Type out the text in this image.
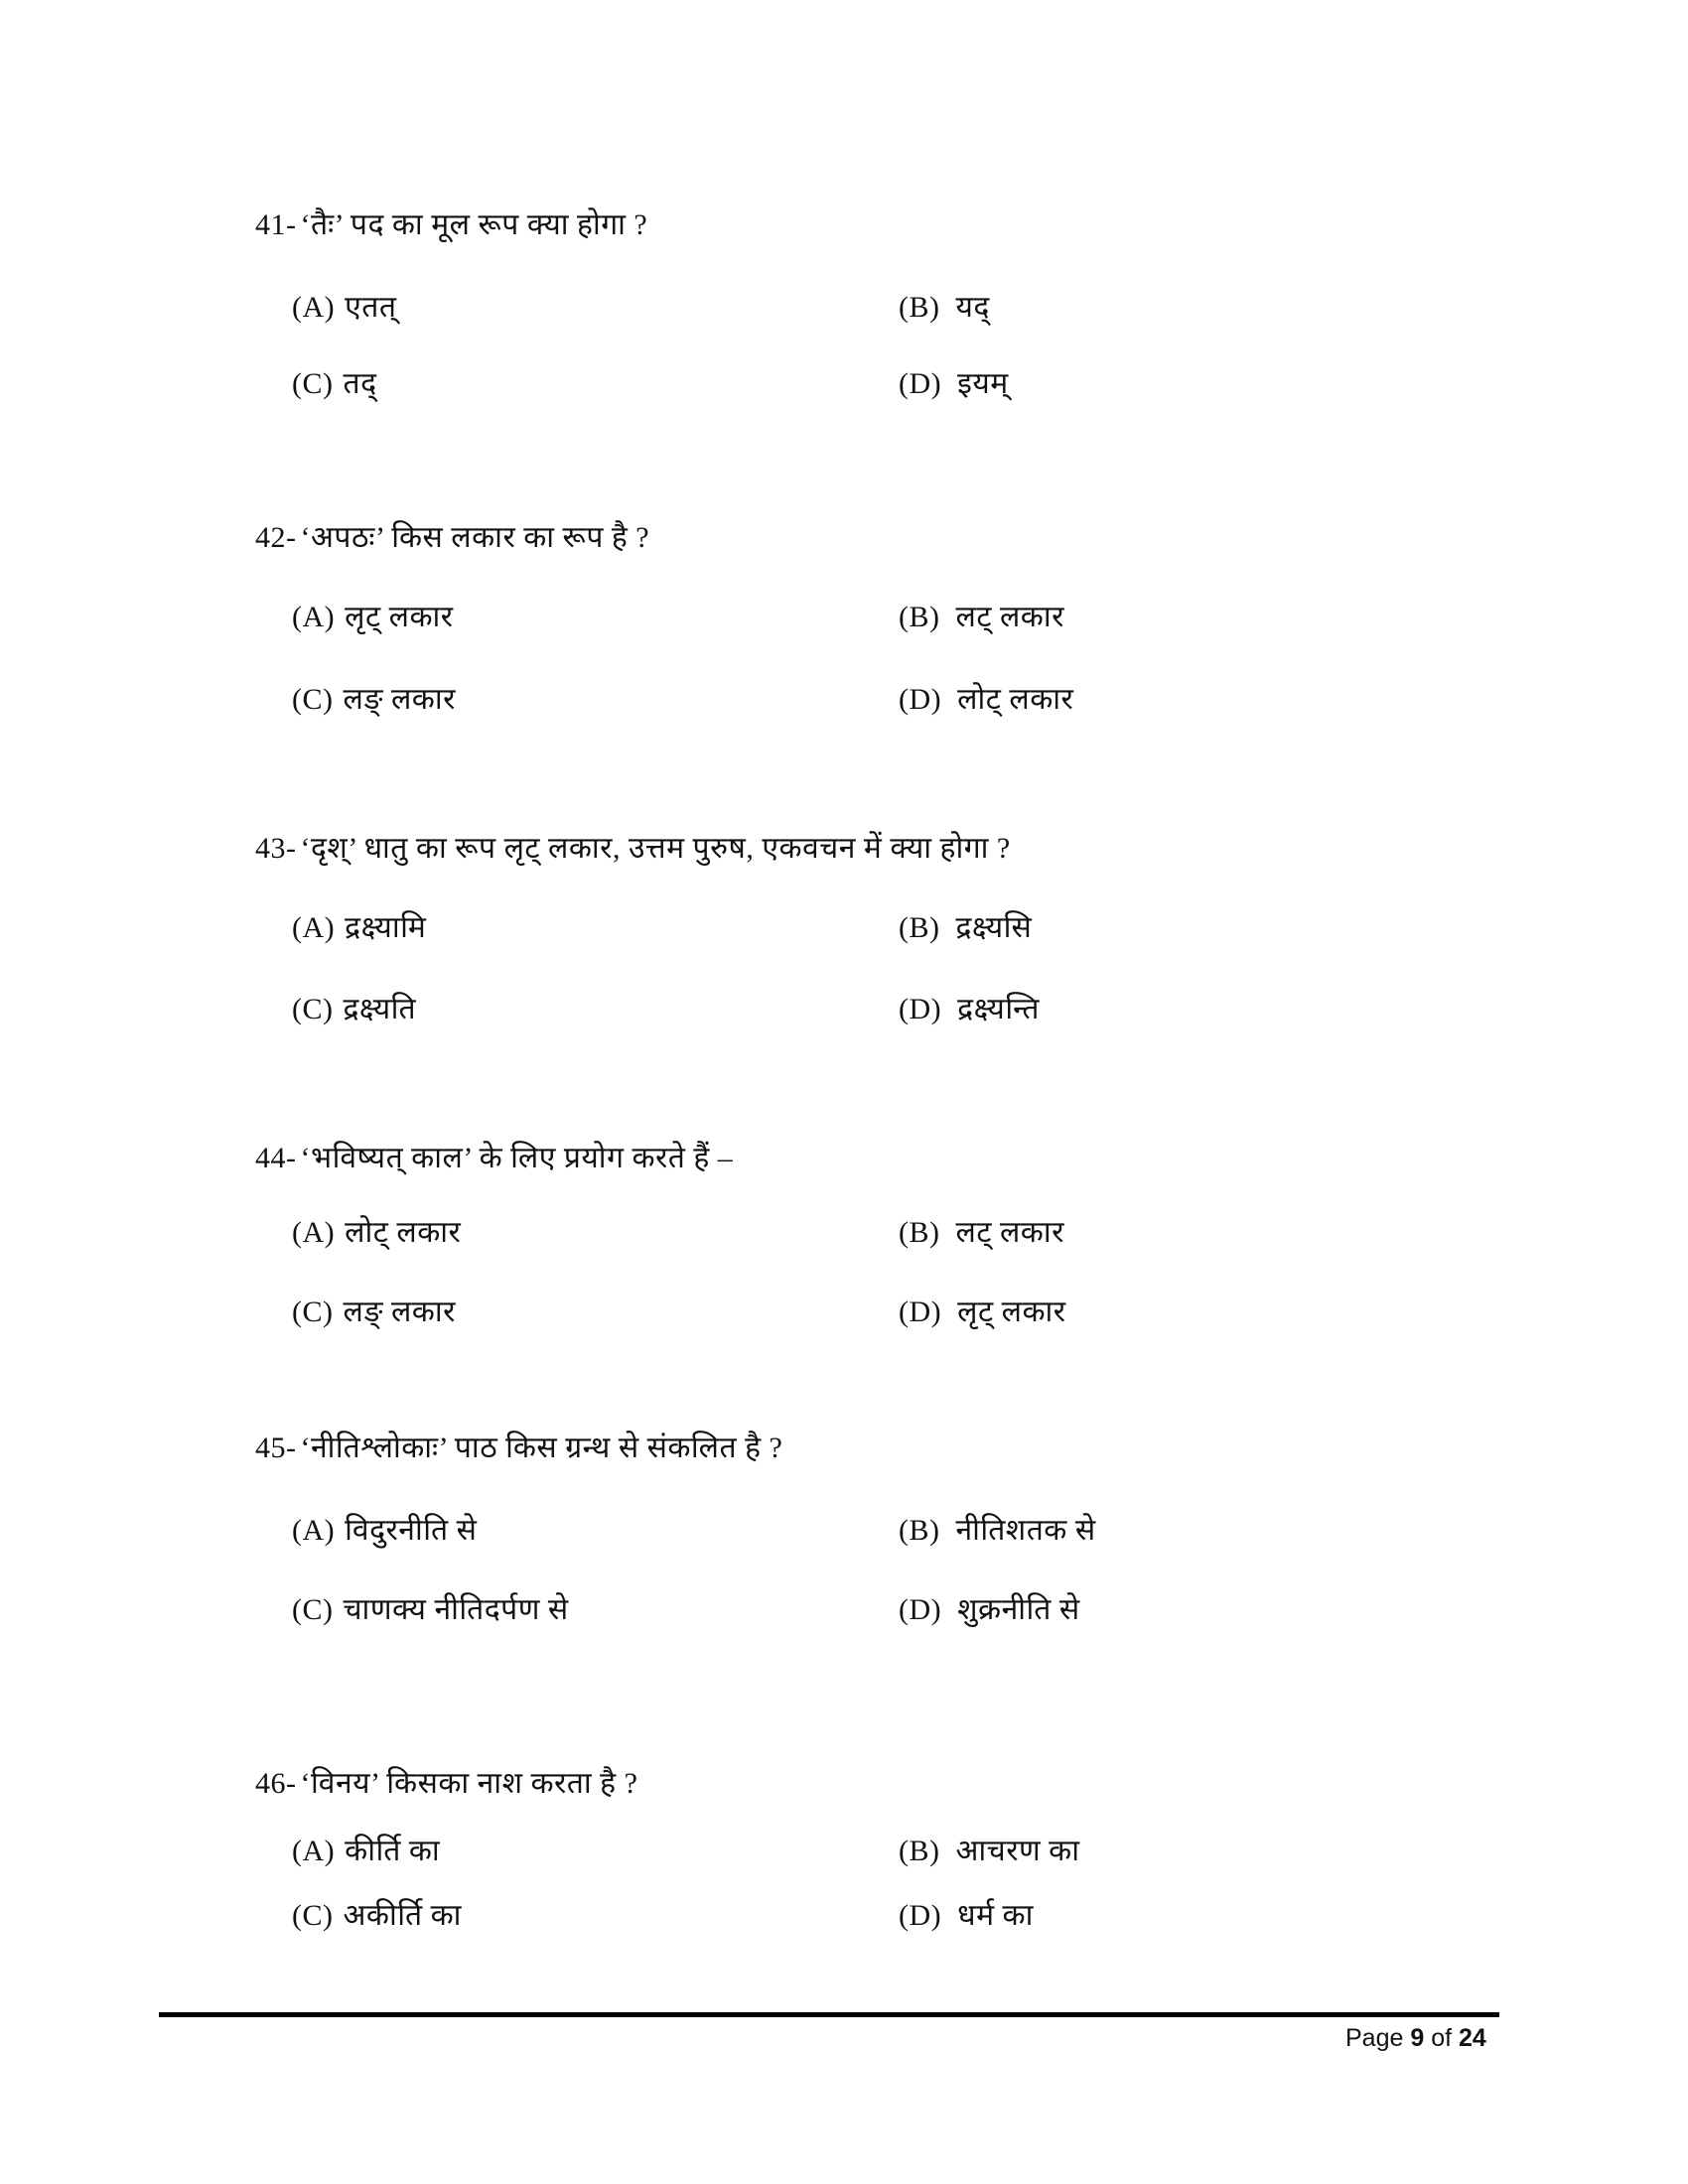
41- ‘तैः’ पद का मूल रूप क्या होगा ?
(A) एतत्	(B) यद्
(C) तद्	(D) इयम्
42- ‘अपठः’ किस लकार का रूप है ?
(A) लृट् लकार	(B) लट् लकार
(C) लङ् लकार	(D) लोट् लकार
43- ‘दृश्’ धातु का रूप लृट् लकार, उत्तम पुरुष, एकवचन में क्या होगा ?
(A) द्रक्ष्यामि	(B) द्रक्ष्यसि
(C) द्रक्ष्यति	(D) द्रक्ष्यन्ति
44- ‘भविष्यत् काल’ के लिए प्रयोग करते हैं –
(A) लोट् लकार	(B) लट् लकार
(C) लङ् लकार	(D) लृट् लकार
45- ‘नीतिश्लोकाः’ पाठ किस ग्रन्थ से संकलित है ?
(A) विदुरनीति से	(B) नीतिशतक से
(C) चाणक्य नीतिदर्पण से	(D) शुक्रनीति से
46- ‘विनय’ किसका नाश करता है ?
(A) कीर्ति का	(B) आचरण का
(C) अकीर्ति का	(D) धर्म का
Page 9 of 24
